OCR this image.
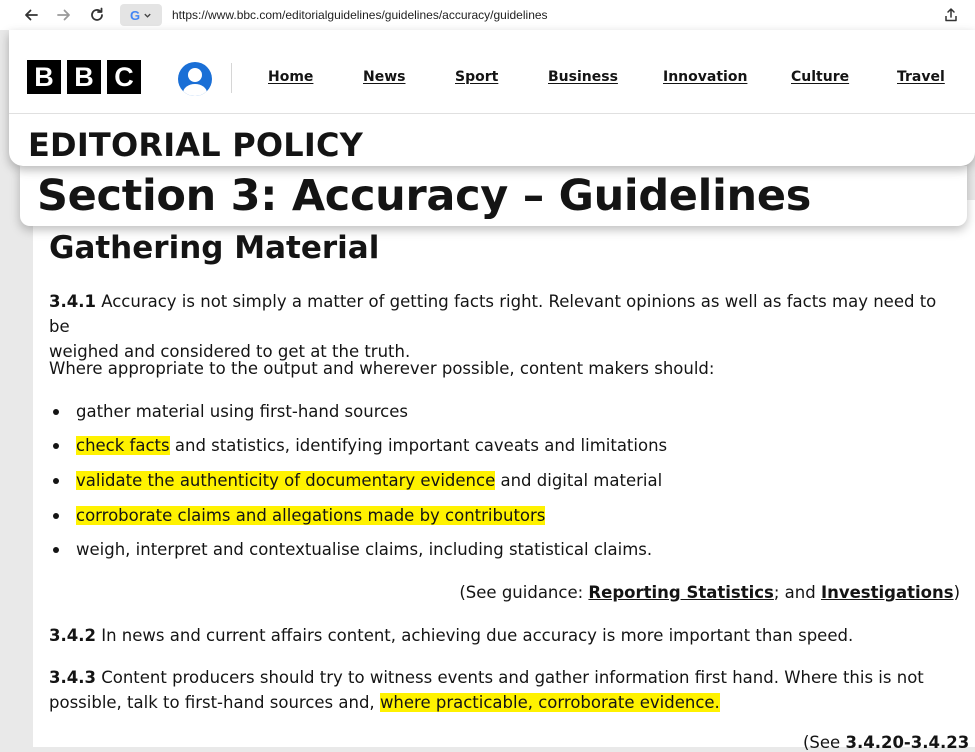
G	https://www.bbc.com/editorialguidelines/guidelines/accuracy/guidelines
B B C	Home	News	Sport	Business	Innovation	Culture	Travel
EDITORIAL POLICY
Section 3: Accuracy – Guidelines
Gathering Material
3.4.1 Accuracy is not simply a matter of getting facts right. Relevant opinions as well as facts may need to be
weighed and considered to get at the truth.
Where appropriate to the output and wherever possible, content makers should:
gather material using first-hand sources
check facts and statistics, identifying important caveats and limitations
validate the authenticity of documentary evidence and digital material
corroborate claims and allegations made by contributors
weigh, interpret and contextualise claims, including statistical claims.
(See guidance: Reporting Statistics; and Investigations)
3.4.2 In news and current affairs content, achieving due accuracy is more important than speed.
3.4.3 Content producers should try to witness events and gather information first hand. Where this is not
possible, talk to first-hand sources and, where practicable, corroborate evidence.
(See 3.4.20-3.4.23
